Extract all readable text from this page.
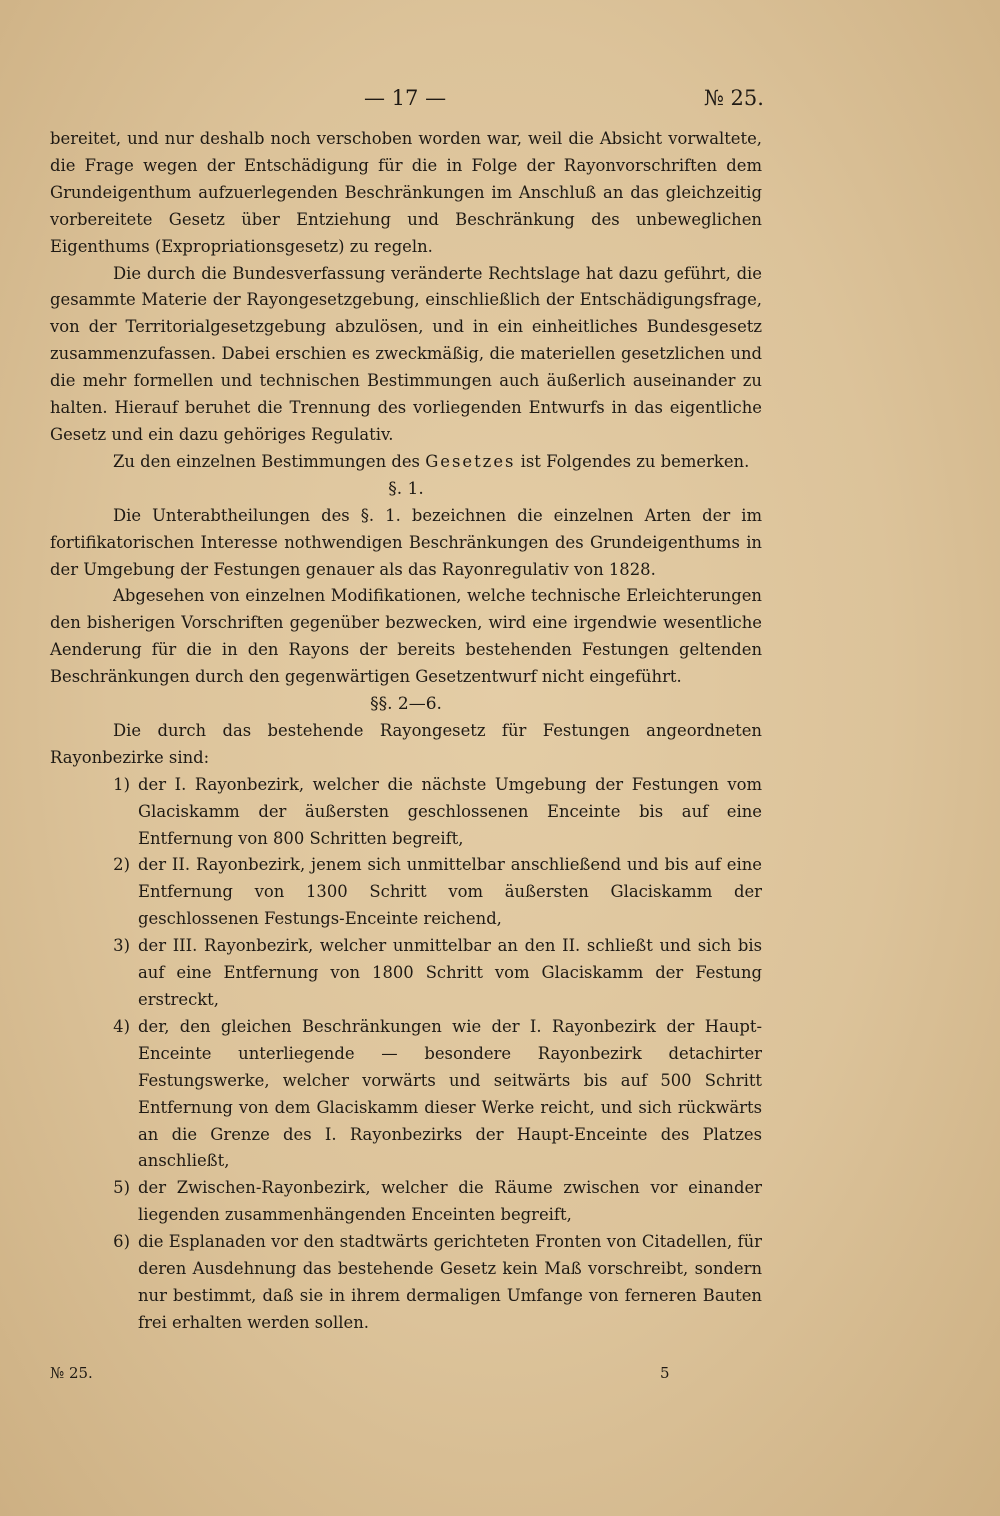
— 17 —	№ 25.

bereitet, und nur deshalb noch verschoben worden war, weil die Absicht vorwaltete, die Frage wegen der Entschädigung für die in Folge der Rayonvorschriften dem Grundeigenthum aufzuerlegenden Beschränkungen im Anschluß an das gleichzeitig vorbereitete Gesetz über Entziehung und Beschränkung des unbeweglichen Eigenthums (Expropriationsgesetz) zu regeln.

Die durch die Bundesverfassung veränderte Rechtslage hat dazu geführt, die gesammte Materie der Rayongesetzgebung, einschließlich der Entschädigungsfrage, von der Territorialgesetzgebung abzulösen, und in ein einheitliches Bundesgesetz zusammenzufassen. Dabei erschien es zweckmäßig, die materiellen gesetzlichen und die mehr formellen und technischen Bestimmungen auch äußerlich auseinander zu halten. Hierauf beruhet die Trennung des vorliegenden Entwurfs in das eigentliche Gesetz und ein dazu gehöriges Regulativ.

Zu den einzelnen Bestimmungen des Gesetzes ist Folgendes zu bemerken.

§. 1.

Die Unterabtheilungen des §. 1. bezeichnen die einzelnen Arten der im fortifikatorischen Interesse nothwendigen Beschränkungen des Grundeigenthums in der Umgebung der Festungen genauer als das Rayonregulativ von 1828.

Abgesehen von einzelnen Modifikationen, welche technische Erleichterungen den bisherigen Vorschriften gegenüber bezwecken, wird eine irgendwie wesentliche Aenderung für die in den Rayons der bereits bestehenden Festungen geltenden Beschränkungen durch den gegenwärtigen Gesetzentwurf nicht eingeführt.

§§. 2—6.

Die durch das bestehende Rayongesetz für Festungen angeordneten Rayonbezirke sind:

1) der I. Rayonbezirk, welcher die nächste Umgebung der Festungen vom Glaciskamm der äußersten geschlossenen Enceinte bis auf eine Entfernung von 800 Schritten begreift,
2) der II. Rayonbezirk, jenem sich unmittelbar anschließend und bis auf eine Entfernung von 1300 Schritt vom äußersten Glaciskamm der geschlossenen Festungs-Enceinte reichend,
3) der III. Rayonbezirk, welcher unmittelbar an den II. schließt und sich bis auf eine Entfernung von 1800 Schritt vom Glaciskamm der Festung erstreckt,
4) der, den gleichen Beschränkungen wie der I. Rayonbezirk der Haupt-Enceinte unterliegende — besondere Rayonbezirk detachirter Festungswerke, welcher vorwärts und seitwärts bis auf 500 Schritt Entfernung von dem Glaciskamm dieser Werke reicht, und sich rückwärts an die Grenze des I. Rayonbezirks der Haupt-Enceinte des Platzes anschließt,
5) der Zwischen-Rayonbezirk, welcher die Räume zwischen vor einander liegenden zusammenhängenden Enceinten begreift,
6) die Esplanaden vor den stadtwärts gerichteten Fronten von Citadellen, für deren Ausdehnung das bestehende Gesetz kein Maß vorschreibt, sondern nur bestimmt, daß sie in ihrem dermaligen Umfange von ferneren Bauten frei erhalten werden sollen.
№ 25.	5
